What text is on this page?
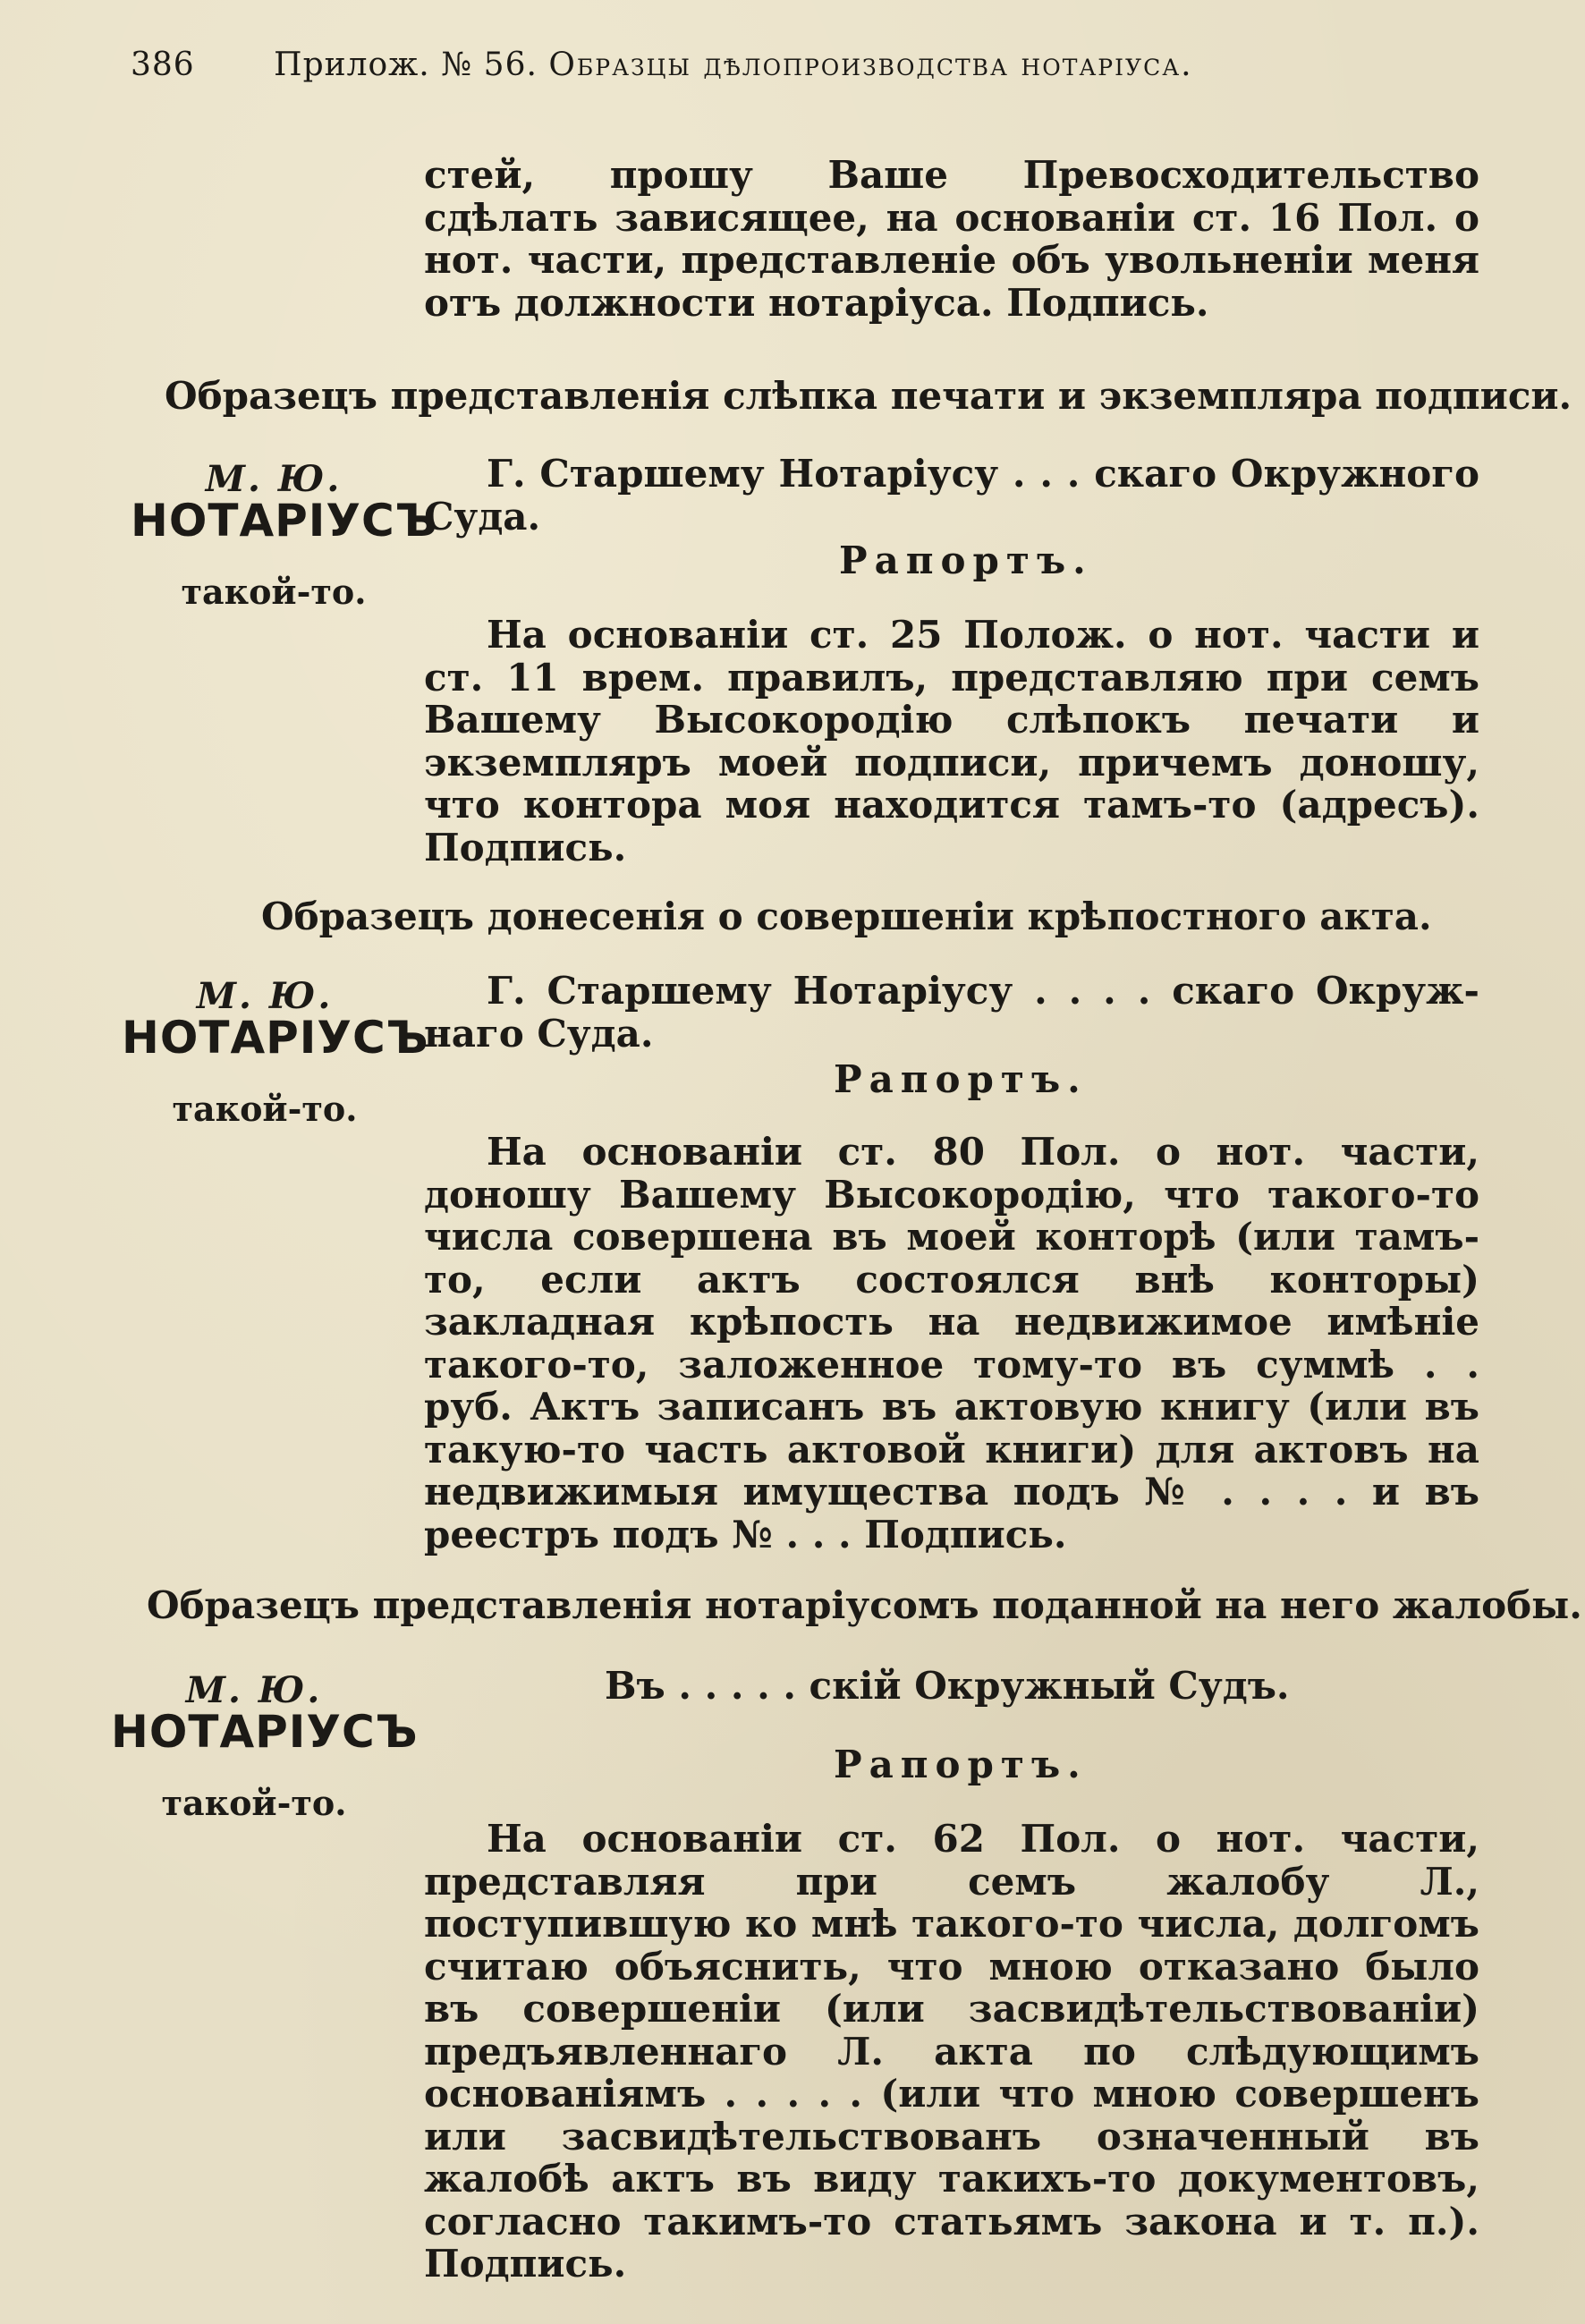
386 Прилож. № 56. Образцы дѣлопроизводства нотаріуса.

стей, прошу Ваше Превосходительство сдѣлать зависящее, на основаніи ст. 16 Пол. о нот. части, представленіе объ увольненіи меня отъ должности нотаріуса. Подпись.

Образецъ представленія слѣпка печати и экземпляра подписи.
М. Ю.
НОТАРІУСЪ
такой-то.
Г. Старшему Нотаріусу . . . скаго Окружного
Суда.
Рапортъ.

На основаніи ст. 25 Полож. о нот. части и ст. 11 врем. правилъ, представляю при семъ Вашему Высокородію слѣпокъ печати и экземпляръ моей подписи, причемъ доношу, что контора моя находится тамъ-то (адресъ). Подпись.

Образецъ донесенія о совершеніи крѣпостного акта.
М. Ю.
НОТАРІУСЪ
такой-то.
Г. Старшему Нотаріусу . . . . скаго Окруж-
наго Суда.
Рапортъ.

На основаніи ст. 80 Пол. о нот. части, доношу Вашему Высокородію, что такого-то числа совершена въ моей конторѣ (или тамъ-то, если актъ состоялся внѣ конторы) закладная крѣпость на недвижимое имѣніе такого-то, заложенное тому-то въ суммѣ . . руб. Актъ записанъ въ актовую книгу (или въ такую-то часть актовой книги) для актовъ на недвижимыя имущества подъ № . . . . и въ реестръ подъ № . . . Подпись.

Образецъ представленія нотаріусомъ поданной на него жалобы.
М. Ю.
НОТАРІУСЪ
такой-то.
Въ . . . . . скій Окружный Судъ.
Рапортъ.

На основаніи ст. 62 Пол. о нот. части, представляя при семъ жалобу Л., поступившую ко мнѣ такого-то числа, долгомъ считаю объяснить, что мною отказано было въ совершеніи (или засвидѣтельствованіи) предъявленнаго Л. акта по слѣдующимъ основаніямъ . . . . . (или что мною совершенъ или засвидѣтельствованъ означенный въ жалобѣ актъ въ виду такихъ-то документовъ, согласно такимъ-то статьямъ закона и т. п.). Подпись.
